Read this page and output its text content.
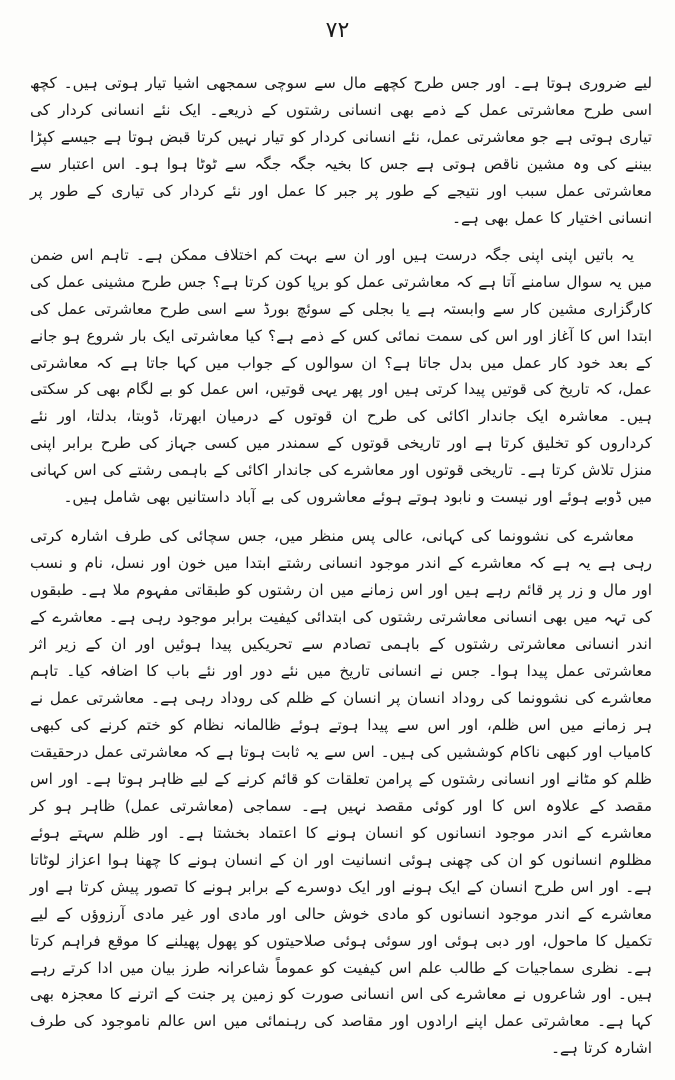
٧٢

لیے ضروری ہوتا ہے۔ اور جس طرح کچھے مال سے سوچی سمجھی اشیا تیار ہوتی ہیں۔ کچھ اسی طرح معاشرتی عمل کے ذمے بھی انسانی رشتوں کے ذریعے۔ ایک نئے انسانی کردار کی تیاری ہوتی ہے جو معاشرتی عمل، نئے انسانی کردار کو تیار نہیں کرتا قبض ہوتا ہے جیسے کپڑا بیننے کی وہ مشین ناقص ہوتی ہے جس کا بخیہ جگہ جگہ سے ٹوٹا ہوا ہو۔ اس اعتبار سے معاشرتی عمل سبب اور نتیجے کے طور پر جبر کا عمل اور نئے کردار کی تیاری کے طور پر انسانی اختیار کا عمل بھی ہے۔

یہ باتیں اپنی اپنی جگہ درست ہیں اور ان سے بہت کم اختلاف ممکن ہے۔ تاہم اس ضمن میں یہ سوال سامنے آتا ہے کہ معاشرتی عمل کو برپا کون کرتا ہے؟ جس طرح مشینی عمل کی کارگزاری مشین کار سے وابستہ ہے یا بجلی کے سوئچ بورڈ سے اسی طرح معاشرتی عمل کی ابتدا اس کا آغاز اور اس کی سمت نمائی کس کے ذمے ہے؟ کیا معاشرتی ایک بار شروع ہو جانے کے بعد خود کار عمل میں بدل جاتا ہے؟ ان سوالوں کے جواب میں کہا جاتا ہے کہ معاشرتی عمل، کہ تاریخ کی قوتیں پیدا کرتی ہیں اور پھر یہی قوتیں، اس عمل کو بے لگام بھی کر سکتی ہیں۔ معاشرہ ایک جاندار اکائی کی طرح ان قوتوں کے درمیان ابھرتا، ڈوبتا، بدلتا، اور نئے کرداروں کو تخلیق کرتا ہے اور تاریخی قوتوں کے سمندر میں کسی جہاز کی طرح برابر اپنی منزل تلاش کرتا ہے۔ تاریخی قوتوں اور معاشرے کی جاندار اکائی کے باہمی رشتے کی اس کہانی میں ڈوبے ہوئے اور نیست و نابود ہوتے ہوئے معاشروں کی بے آباد داستانیں بھی شامل ہیں۔

معاشرے کی نشوونما کی کہانی، عالی پس منظر میں، جس سچائی کی طرف اشارہ کرتی رہی ہے یہ ہے کہ معاشرے کے اندر موجود انسانی رشتے ابتدا میں خون اور نسل، نام و نسب اور مال و زر پر قائم رہے ہیں اور اس زمانے میں ان رشتوں کو طبقاتی مفہوم ملا ہے۔ طبقوں کی تہہ میں بھی انسانی معاشرتی رشتوں کی ابتدائی کیفیت برابر موجود رہی ہے۔ معاشرے کے اندر انسانی معاشرتی رشتوں کے باہمی تصادم سے تحریکیں پیدا ہوئیں اور ان کے زیر اثر معاشرتی عمل پیدا ہوا۔ جس نے انسانی تاریخ میں نئے دور اور نئے باب کا اضافہ کیا۔ تاہم معاشرے کی نشوونما کی روداد انسان پر انسان کے ظلم کی روداد رہی ہے۔ معاشرتی عمل نے ہر زمانے میں اس ظلم، اور اس سے پیدا ہوتے ہوئے ظالمانہ نظام کو ختم کرنے کی کبھی کامیاب اور کبھی ناکام کوششیں کی ہیں۔ اس سے یہ ثابت ہوتا ہے کہ معاشرتی عمل درحقیقت ظلم کو مٹانے اور انسانی رشتوں کے پرامن تعلقات کو قائم کرنے کے لیے ظاہر ہوتا ہے۔ اور اس مقصد کے علاوہ اس کا اور کوئی مقصد نہیں ہے۔ سماجی (معاشرتی عمل) ظاہر ہو کر معاشرے کے اندر موجود انسانوں کو انسان ہونے کا اعتماد بخشتا ہے۔ اور ظلم سہتے ہوئے مظلوم انسانوں کو ان کی چھنی ہوئی انسانیت اور ان کے انسان ہونے کا چھنا ہوا اعزاز لوٹاتا ہے۔ اور اس طرح انسان کے ایک ہونے اور ایک دوسرے کے برابر ہونے کا تصور پیش کرتا ہے اور معاشرے کے اندر موجود انسانوں کو مادی خوش حالی اور مادی اور غیر مادی آرزوؤں کے لیے تکمیل کا ماحول، اور دبی ہوئی اور سوئی ہوئی صلاحیتوں کو پھول پھیلنے کا موقع فراہم کرتا ہے۔ نظری سماجیات کے طالب علم اس کیفیت کو عموماً شاعرانہ طرز بیان میں ادا کرتے رہے ہیں۔ اور شاعروں نے معاشرے کی اس انسانی صورت کو زمین پر جنت کے اترنے کا معجزہ بھی کہا ہے۔ معاشرتی عمل اپنے ارادوں اور مقاصد کی رہنمائی میں اس عالم ناموجود کی طرف اشارہ کرتا ہے۔
